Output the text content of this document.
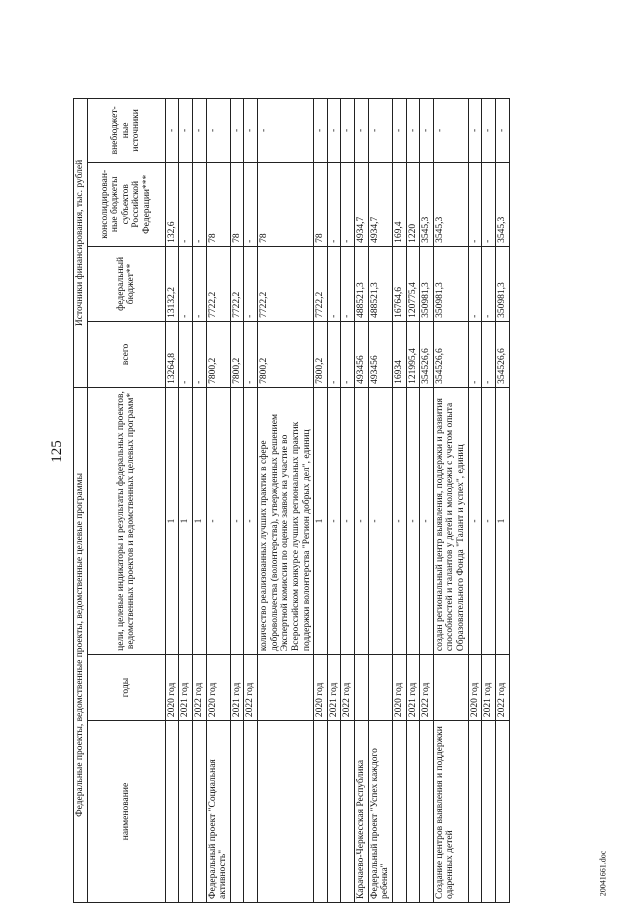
125
Федеральные проекты, ведомственные проекты, ведомственные целевые программы			Источники финансирования, тыс. рублей			
наименование	годы	цели, целевые индикаторы и результаты федеральных проектов, ведомственных проектов и ведомственных целевых программ*	всего	федеральный бюджет**	консолидирован-ные бюджеты субъектов Российской Федерации***	внебюджет-ные источники
	2020 год	1	13264,8	13132,2	132,6	-
	2021 год	1	-	-	-	-
	2022 год	1	-	-	-	-
Федеральный проект "Социальная активность"	2020 год	-	7800,2	7722,2	78	-
	2021 год	-	7800,2	7722,2	78	-
	2022 год	-	-	-	-	-
		количество реализованных лучших практик в сфере добровольчества (волонтерства), утвержденных решением Экспертной комиссии по оценке заявок на участие во Всероссийском конкурсе лучших региональных практик поддержки волонтерства "Регион добрых дел", единиц	7800,2	7722,2	78	-
	2020 год	1	7800,2	7722,2	78	-
	2021 год	-	-	-	-	-
	2022 год	-	-	-	-	-
Карачаево-Черкесская Республика		-	493456	488521,3	4934,7	-
Федеральный проект "Успех каждого ребенка"		-	493456	488521,3	4934,7	-
	2020 год	-	16934	16764,6	169,4	-
	2021 год	-	121995,4	120775,4	1220	-
	2022 год	-	354526,6	350981,3	3545,3	-
Создание центров выявления и поддержки одаренных детей		создан региональный центр выявления, поддержки и развития способностей и талантов у детей и молодежи с учетом опыта Образовательного Фонда "Талант и успех", единиц	354526,6	350981,3	3545,3	-
	2020 год	-	-	-	-	-
	2021 год	-	-	-	-	-
	2022 год	1	354526,6	350981,3	3545,3	-
20041661.doc
